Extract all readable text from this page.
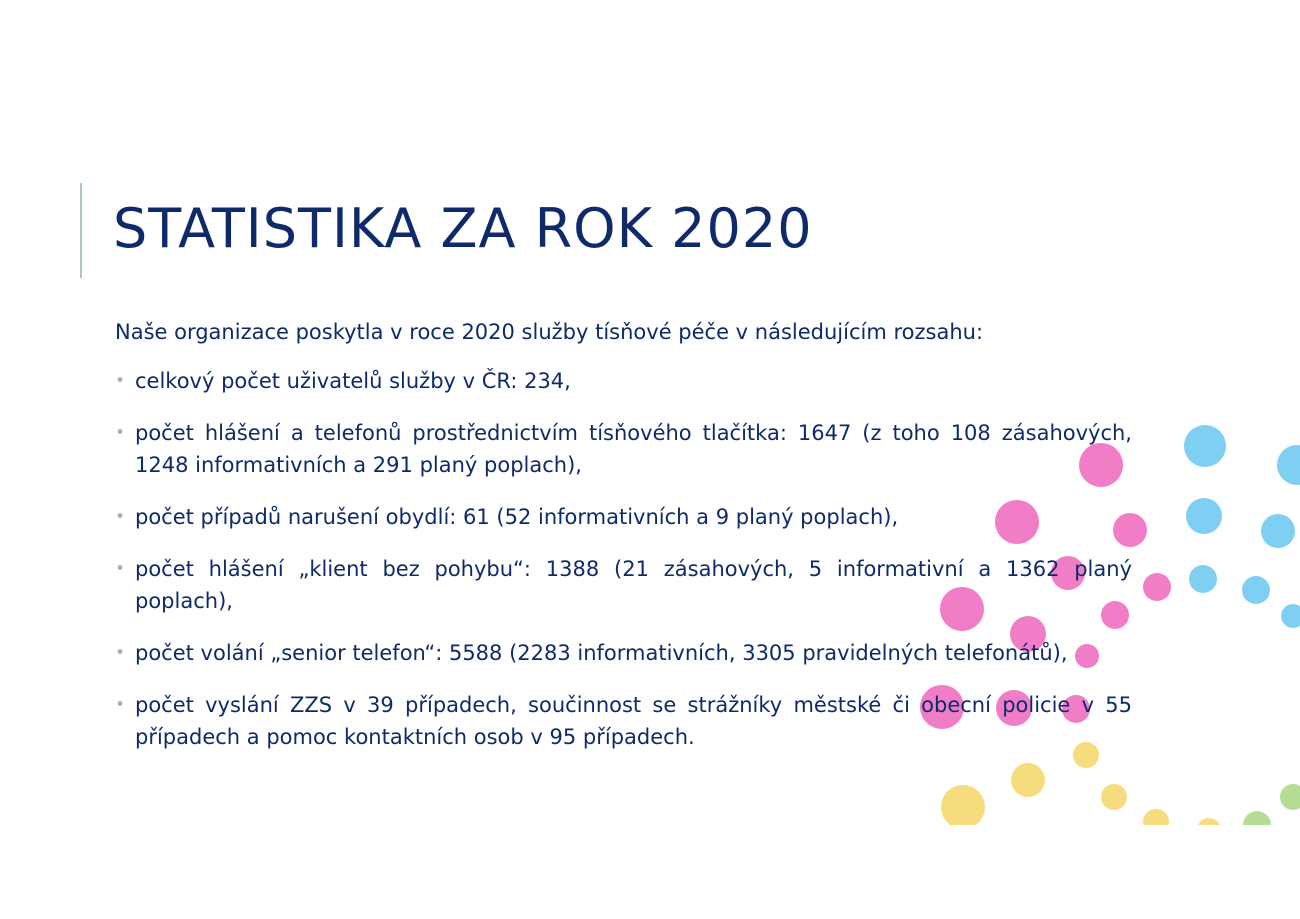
STATISTIKA ZA ROK 2020

Naše organizace poskytla v roce 2020 služby tísňové péče v následujícím rozsahu:

• celkový počet uživatelů služby v ČR: 234,
• počet hlášení a telefonů prostřednictvím tísňového tlačítka: 1647 (z toho 108 zásahových, 1248 informativních a 291 planý poplach),
• počet případů narušení obydlí: 61 (52 informativních a 9 planý poplach),
• počet hlášení „klient bez pohybu“: 1388 (21 zásahových, 5 informativní a 1362 planý poplach),
• počet volání „senior telefon“: 5588 (2283 informativních, 3305 pravidelných telefonátů),
• počet vyslání ZZS v 39 případech, součinnost se strážníky městské či obecní policie v 55 případech a pomoc kontaktních osob v 95 případech.
